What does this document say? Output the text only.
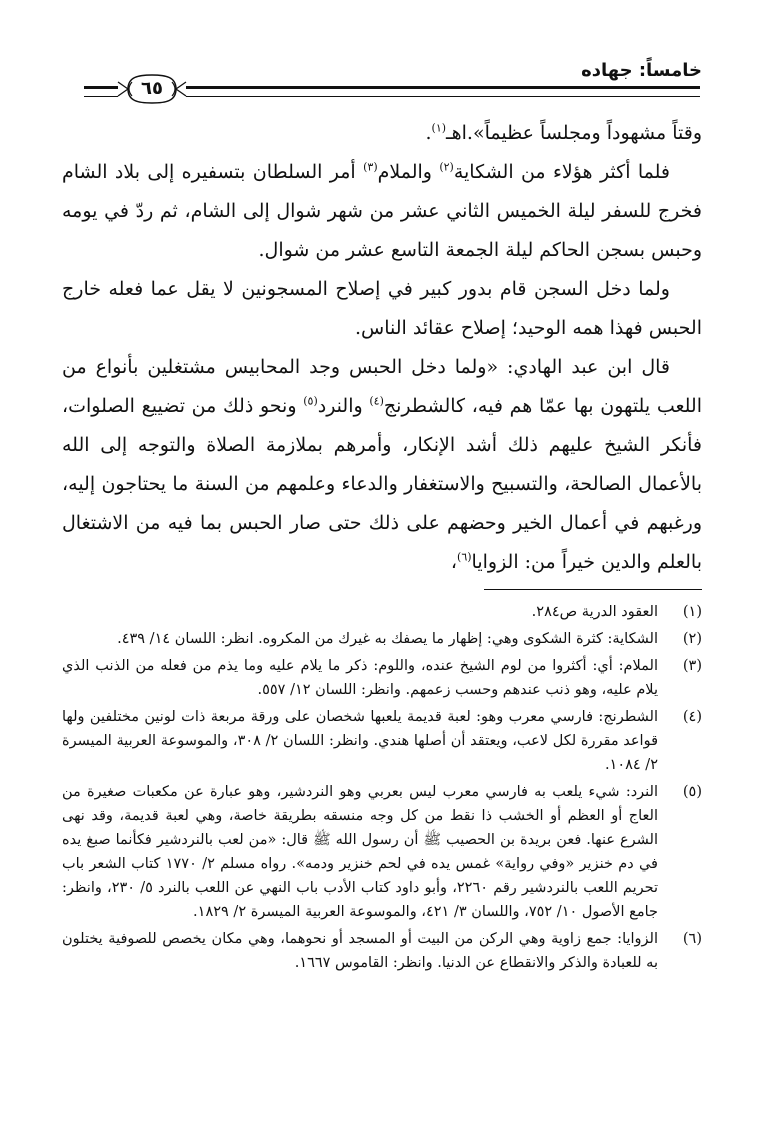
خامساً: جهاده
٦٥

وقتاً مشهوداً ومجلساً عظيماً».اهـ$^{(١)}$.

فلما أكثر هؤلاء من الشكاية$^{(٢)}$ والملام$^{(٣)}$ أمر السلطان بتسفيره إلى بلاد الشام فخرج للسفر ليلة الخميس الثاني عشر من شهر شوال إلى الشام، ثم ردّ في يومه وحبس بسجن الحاكم ليلة الجمعة التاسع عشر من شوال.

ولما دخل السجن قام بدور كبير في إصلاح المسجونين لا يقل عما فعله خارج الحبس فهذا همه الوحيد؛ إصلاح عقائد الناس.

قال ابن عبد الهادي: «ولما دخل الحبس وجد المحابيس مشتغلين بأنواع من اللعب يلتهون بها عمّا هم فيه، كالشطرنج$^{(٤)}$ والنرد$^{(٥)}$ ونحو ذلك من تضييع الصلوات، فأنكر الشيخ عليهم ذلك أشد الإنكار، وأمرهم بملازمة الصلاة والتوجه إلى الله بالأعمال الصالحة، والتسبيح والاستغفار والدعاء وعلمهم من السنة ما يحتاجون إليه، ورغبهم في أعمال الخير وحضهم على ذلك حتى صار الحبس بما فيه من الاشتغال بالعلم والدين خيراً من: الزوايا$^{(٦)}$،

(١)
العقود الدرية ص٢٨٤.
(٢)
الشكاية: كثرة الشكوى وهي: إظهار ما يصفك به غيرك من المكروه. انظر: اللسان ١٤/ ٤٣٩.
(٣)
الملام: أي: أكثروا من لوم الشيخ عنده، واللوم: ذكر ما يلام عليه وما يذم من فعله من الذنب الذي يلام عليه، وهو ذنب عندهم وحسب زعمهم. وانظر: اللسان ١٢/ ٥٥٧.
(٤)
الشطرنج: فارسي معرب وهو: لعبة قديمة يلعبها شخصان على ورقة مربعة ذات لونين مختلفين ولها قواعد مقررة لكل لاعب، ويعتقد أن أصلها هندي. وانظر: اللسان ٢/ ٣٠٨، والموسوعة العربية الميسرة ٢/ ١٠٨٤.
(٥)
النرد: شيء يلعب به فارسي معرب ليس بعربي وهو النردشير، وهو عبارة عن مكعبات صغيرة من العاج أو العظم أو الخشب ذا نقط من كل وجه منسقه بطريقة خاصة، وهي لعبة قديمة، وقد نهى الشرع عنها. فعن بريدة بن الحصيب ﷺ أن رسول الله ﷺ قال: «من لعب بالنردشير فكأنما صبغ يده في دم خنزير «وفي رواية» غمس يده في لحم خنزير ودمه». رواه مسلم ٢/ ١٧٧٠ كتاب الشعر باب تحريم اللعب بالنردشير رقم ٢٢٦٠، وأبو داود كتاب الأدب باب النهي عن اللعب بالنرد ٥/ ٢٣٠، وانظر: جامع الأصول ١٠/ ٧٥٢، واللسان ٣/ ٤٢١، والموسوعة العربية الميسرة ٢/ ١٨٢٩.
(٦)
الزوايا: جمع زاوية وهي الركن من البيت أو المسجد أو نحوهما، وهي مكان يخصص للصوفية يختلون به للعبادة والذكر والانقطاع عن الدنيا. وانظر: القاموس ١٦٦٧.
